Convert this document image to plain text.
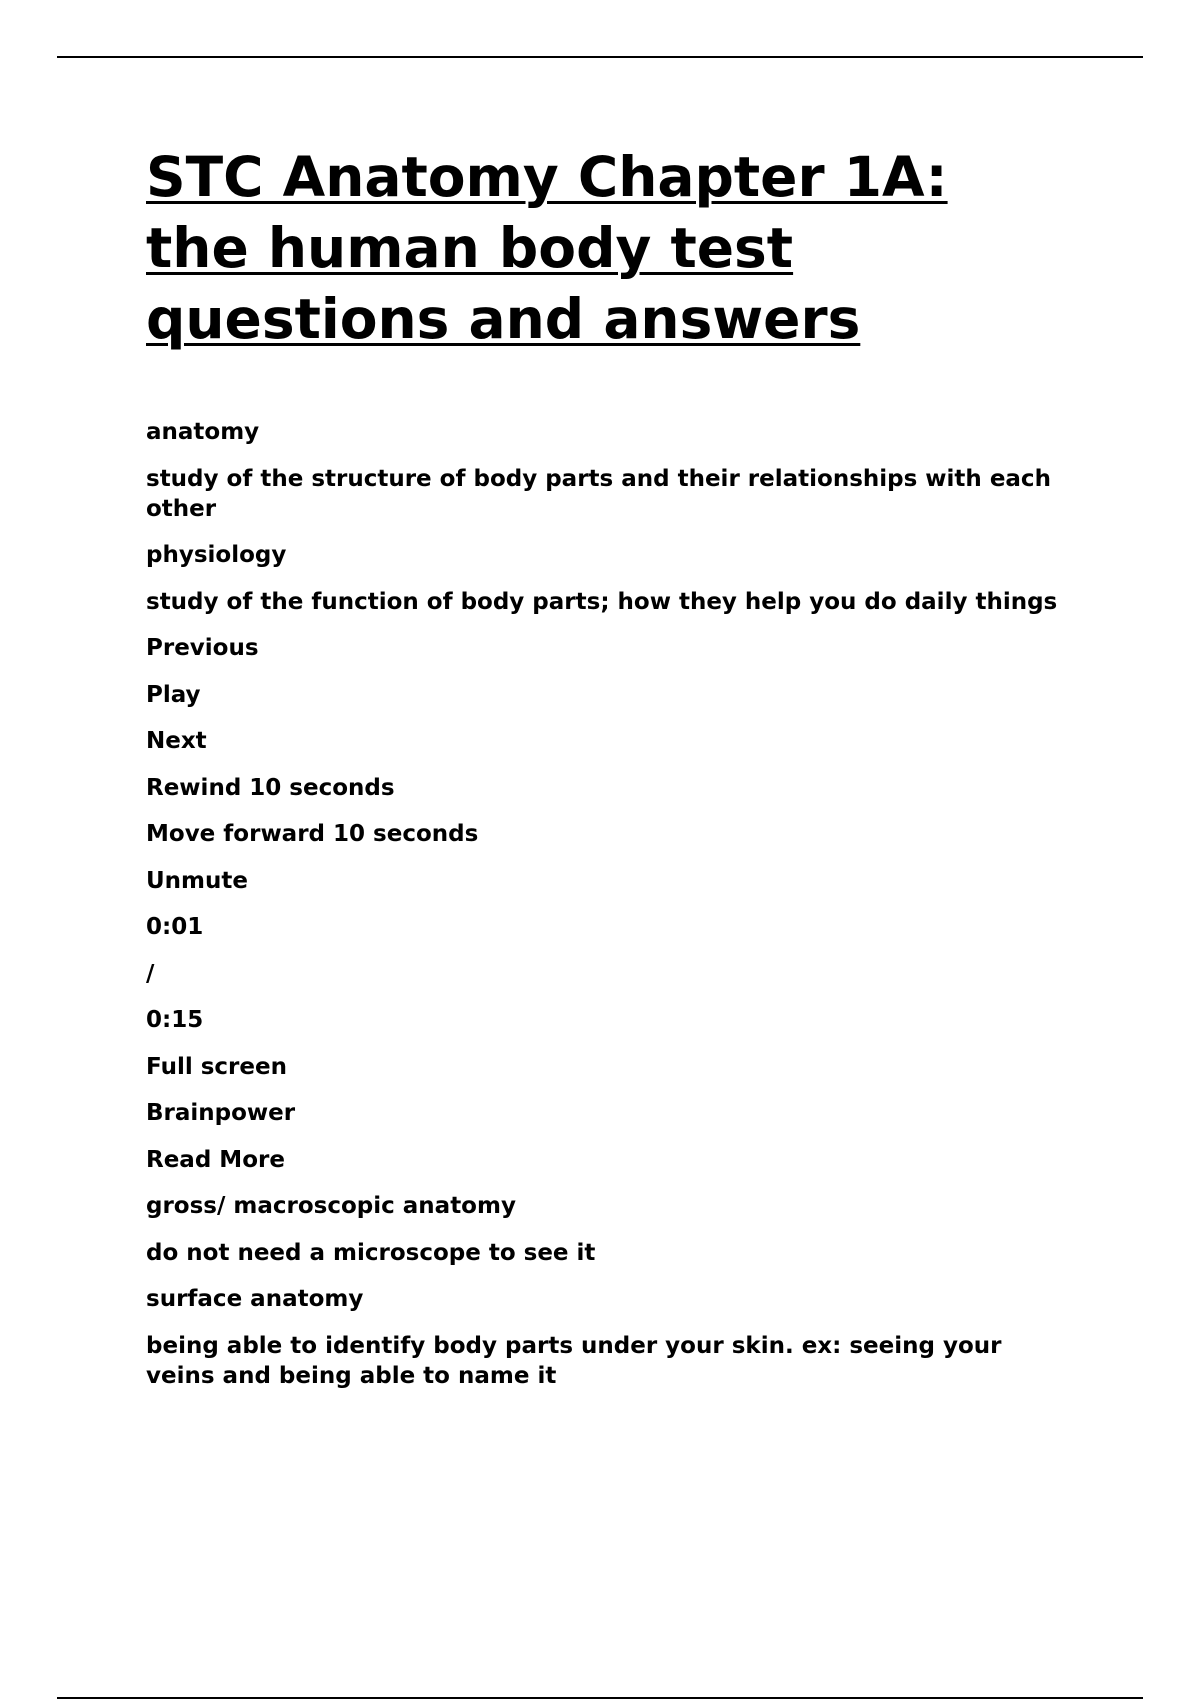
STC Anatomy Chapter 1A: the human body test questions and answers
anatomy
study of the structure of body parts and their relationships with each other
physiology
study of the function of body parts; how they help you do daily things
Previous
Play
Next
Rewind 10 seconds
Move forward 10 seconds
Unmute
0:01
/
0:15
Full screen
Brainpower
Read More
gross/ macroscopic anatomy
do not need a microscope to see it
surface anatomy
being able to identify body parts under your skin. ex: seeing your veins and being able to name it
